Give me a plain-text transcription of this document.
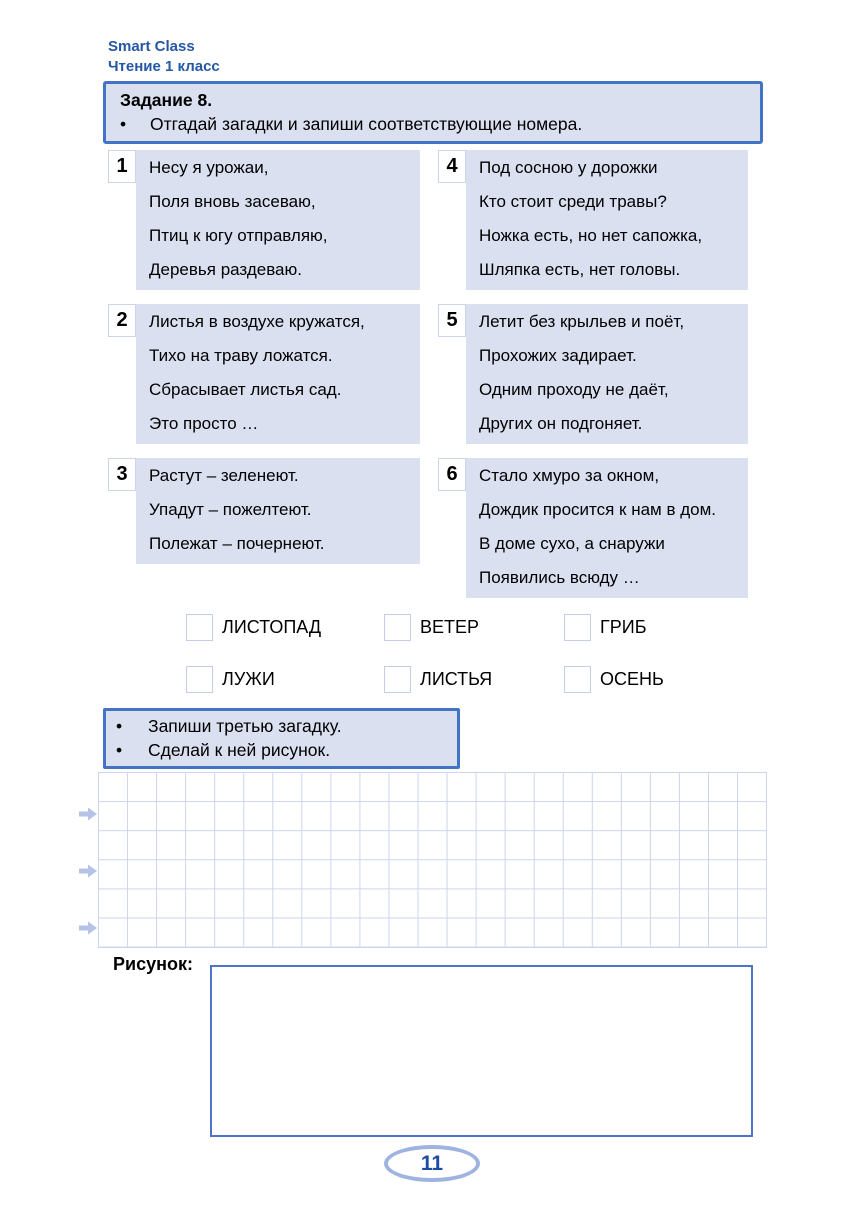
Smart Class
Чтение 1 класс
Задание 8.
• Отгадай загадки и запиши соответствующие номера.
1	Несу я урожаи,
Поля вновь засеваю,
Птиц к югу отправляю,
Деревья раздеваю.
4	Под сосною у дорожки
Кто стоит среди травы?
Ножка есть, но нет сапожка,
Шляпка есть, нет головы.
2	Листья в воздухе кружатся,
Тихо на траву ложатся.
Сбрасывает листья сад.
Это просто …
5	Летит без крыльев и поёт,
Прохожих задирает.
Одним проходу не даёт,
Других он подгоняет.
3	Растут – зеленеют.
Упадут – пожелтеют.
Полежат – почернеют.
6	Стало хмуро за окном,
Дождик просится к нам в дом.
В доме сухо, а снаружи
Появились всюду …
ЛИСТОПАД	ВЕТЕР	ГРИБ
ЛУЖИ	ЛИСТЬЯ	ОСЕНЬ
• Запиши третью загадку.
• Сделай к ней рисунок.
Рисунок:
11
